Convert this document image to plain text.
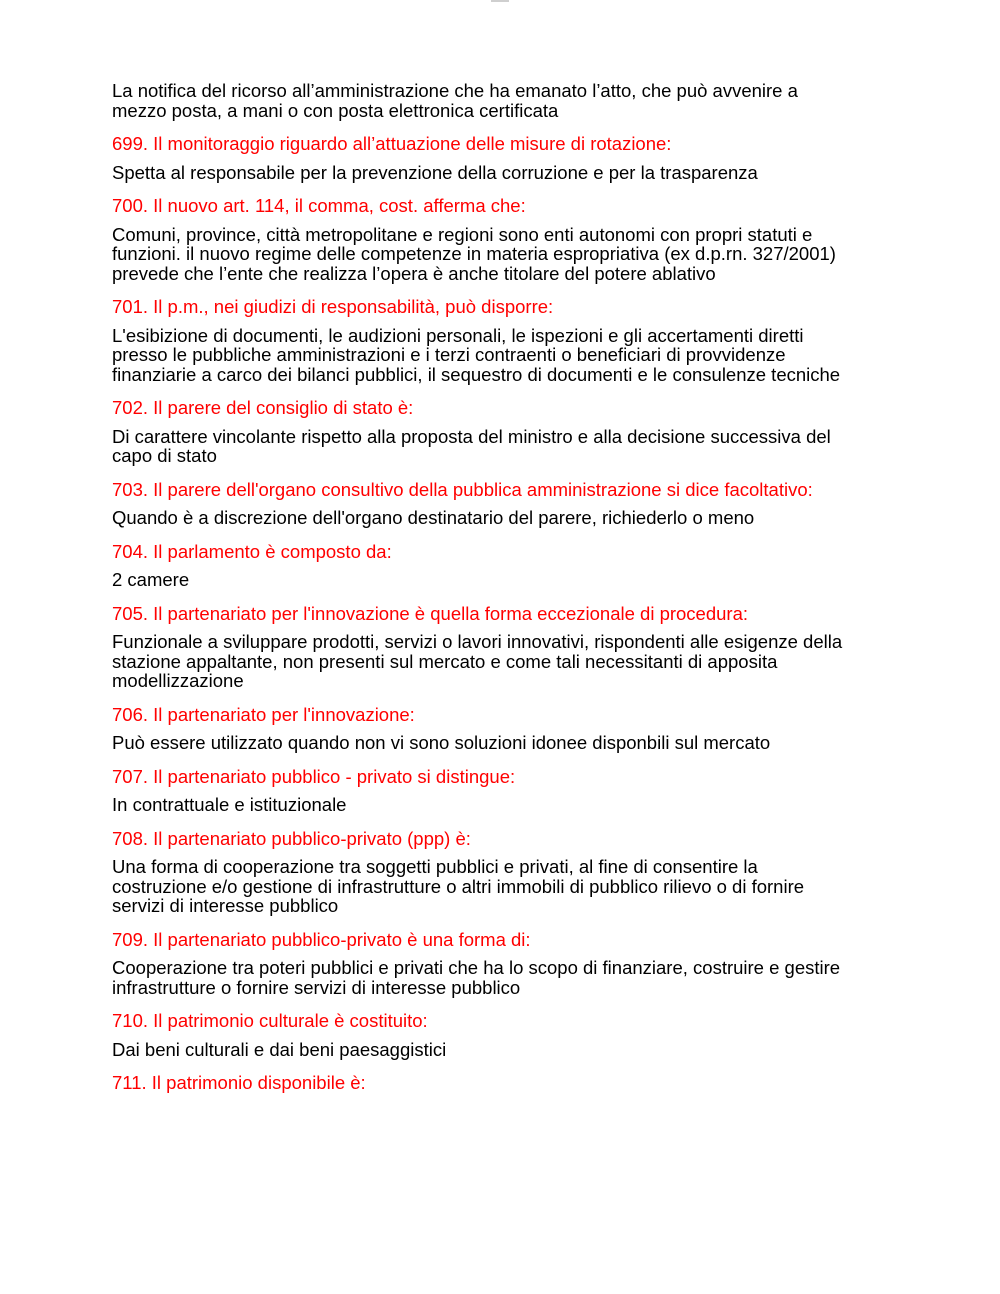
La notifica del ricorso all’amministrazione che ha emanato l’atto, che può avvenire a
mezzo posta, a mani o con posta elettronica certificata

699. Il monitoraggio riguardo all’attuazione delle misure di rotazione:

Spetta al responsabile per la prevenzione della corruzione e per la trasparenza

700. Il nuovo art. 114, il comma, cost. afferma che:

Comuni, province, città metropolitane e regioni sono enti autonomi con propri statuti e
funzioni. il nuovo regime delle competenze in materia espropriativa (ex d.p.rn. 327/2001)
prevede che l’ente che realizza l’opera è anche titolare del potere ablativo

701. Il p.m., nei giudizi di responsabilità, può disporre:

L'esibizione di documenti, le audizioni personali, le ispezioni e gli accertamenti diretti
presso le pubbliche amministrazioni e i terzi contraenti o beneficiari di provvidenze
finanziarie a carco dei bilanci pubblici, il sequestro di documenti e le consulenze tecniche

702. Il parere del consiglio di stato è:

Di carattere vincolante rispetto alla proposta del ministro e alla decisione successiva del
capo di stato

703. Il parere dell'organo consultivo della pubblica amministrazione si dice facoltativo:

Quando è a discrezione dell'organo destinatario del parere, richiederlo o meno

704. Il parlamento è composto da:

2 camere

705. Il partenariato per l'innovazione è quella forma eccezionale di procedura:

Funzionale a sviluppare prodotti, servizi o lavori innovativi, rispondenti alle esigenze della
stazione appaltante, non presenti sul mercato e come tali necessitanti di apposita
modellizzazione

706. Il partenariato per l'innovazione:

Può essere utilizzato quando non vi sono soluzioni idonee disponbili sul mercato

707. Il partenariato pubblico - privato si distingue:

In contrattuale e istituzionale

708. Il partenariato pubblico-privato (ppp) è:

Una forma di cooperazione tra soggetti pubblici e privati, al fine di consentire la
costruzione e/o gestione di infrastrutture o altri immobili di pubblico rilievo o di fornire
servizi di interesse pubblico

709. Il partenariato pubblico-privato è una forma di:

Cooperazione tra poteri pubblici e privati che ha lo scopo di finanziare, costruire e gestire
infrastrutture o fornire servizi di interesse pubblico

710. Il patrimonio culturale è costituito:

Dai beni culturali e dai beni paesaggistici

711. Il patrimonio disponibile è:
